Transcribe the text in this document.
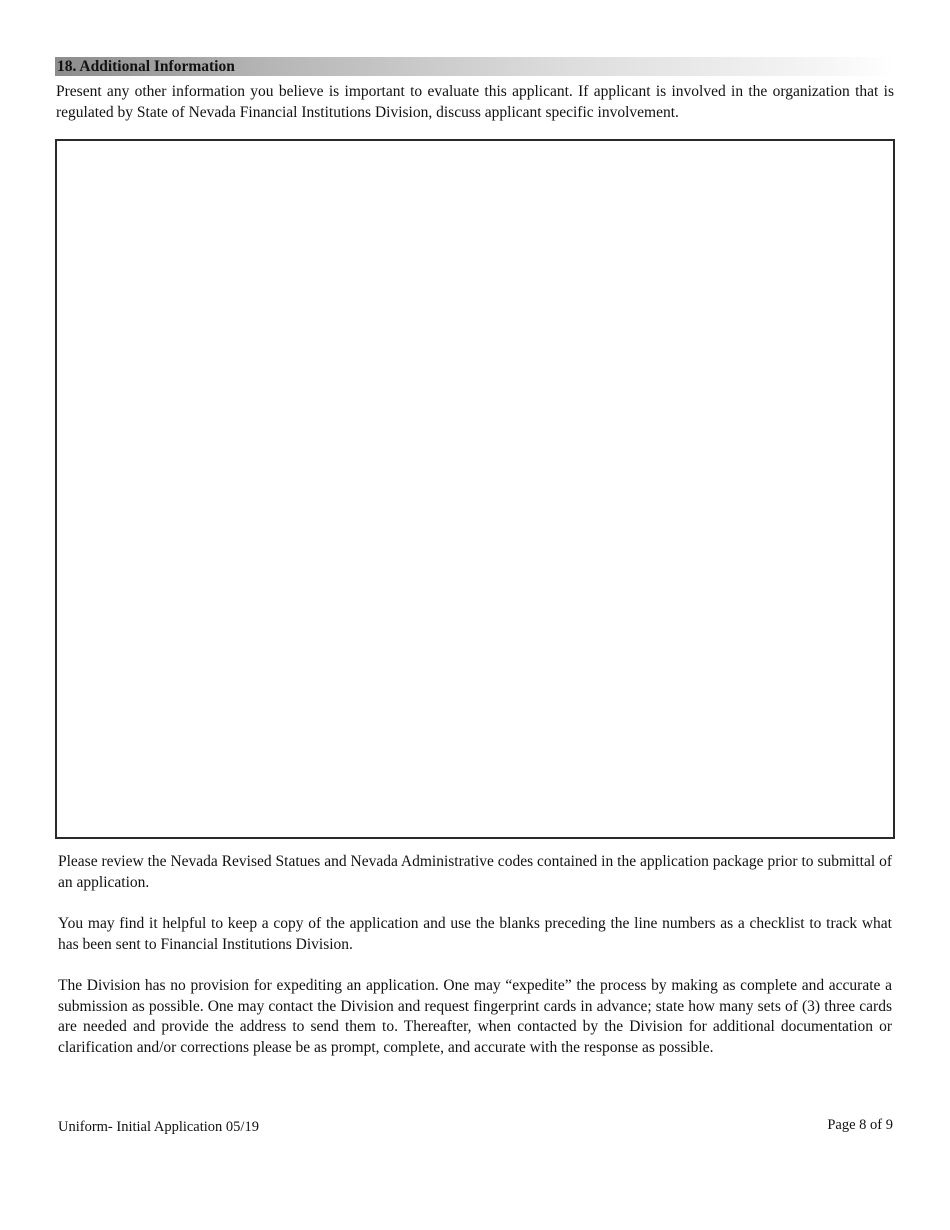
18. Additional Information

Present any other information you believe is important to evaluate this applicant. If applicant is involved in the organization that is regulated by State of Nevada Financial Institutions Division, discuss applicant specific involvement.

Please review the Nevada Revised Statues and Nevada Administrative codes contained in the application package prior to submittal of an application.

You may find it helpful to keep a copy of the application and use the blanks preceding the line numbers as a checklist to track what has been sent to Financial Institutions Division.

The Division has no provision for expediting an application. One may “expedite” the process by making as complete and accurate a submission as possible. One may contact the Division and request fingerprint cards in advance; state how many sets of (3) three cards are needed and provide the address to send them to. Thereafter, when contacted by the Division for additional documentation or clarification and/or corrections please be as prompt, complete, and accurate with the response as possible.

Uniform- Initial Application 05/19	Page 8 of 9
